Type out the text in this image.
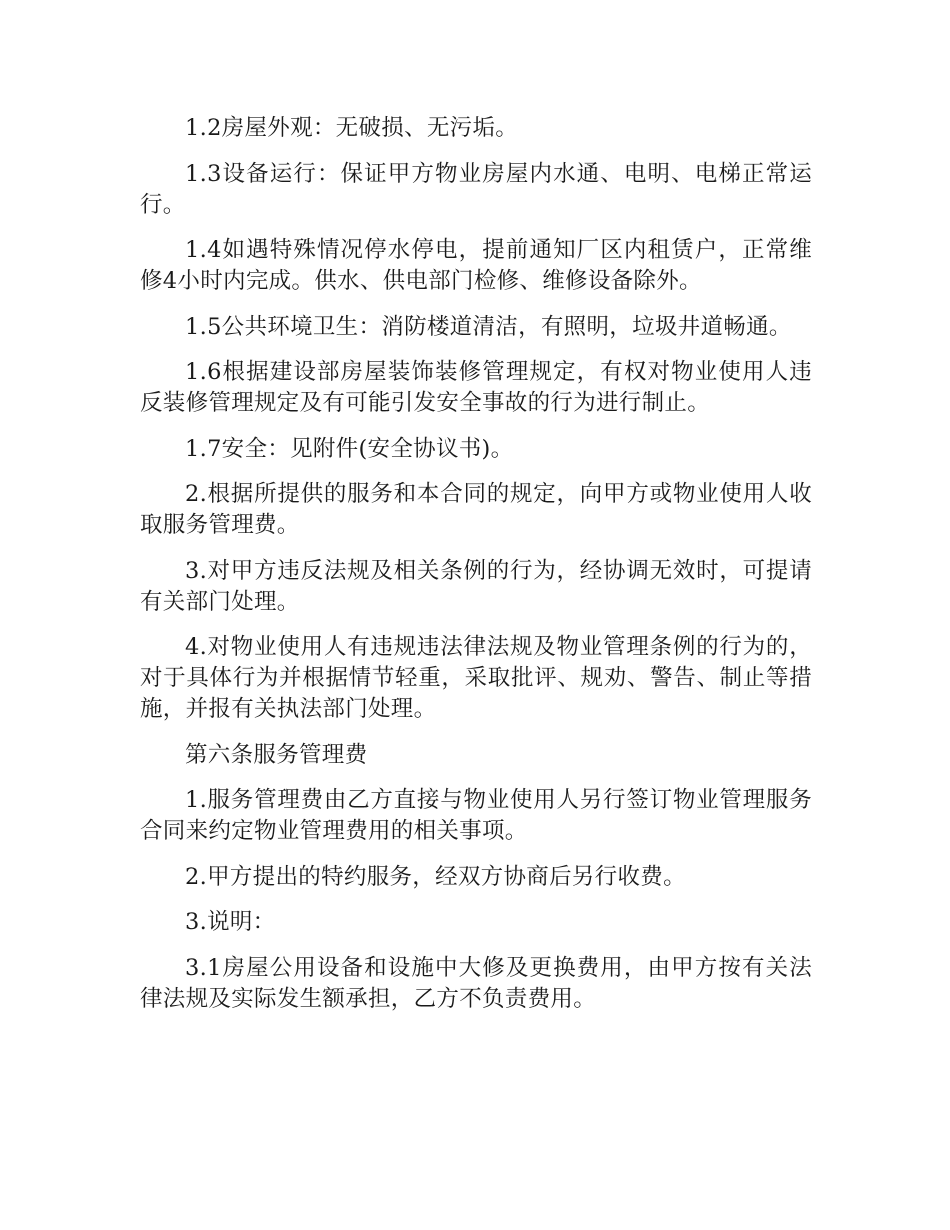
1.2房屋外观：无破损、无污垢。

1.3设备运行：保证甲方物业房屋内水通、电明、电梯正常运行。

1.4如遇特殊情况停水停电，提前通知厂区内租赁户，正常维修4小时内完成。供水、供电部门检修、维修设备除外。

1.5公共环境卫生：消防楼道清洁，有照明，垃圾井道畅通。

1.6根据建设部房屋装饰装修管理规定，有权对物业使用人违反装修管理规定及有可能引发安全事故的行为进行制止。

1.7安全：见附件(安全协议书)。

2.根据所提供的服务和本合同的规定，向甲方或物业使用人收取服务管理费。

3.对甲方违反法规及相关条例的行为，经协调无效时，可提请有关部门处理。

4.对物业使用人有违规违法律法规及物业管理条例的行为的，对于具体行为并根据情节轻重，采取批评、规劝、警告、制止等措施，并报有关执法部门处理。

第六条服务管理费

1.服务管理费由乙方直接与物业使用人另行签订物业管理服务合同来约定物业管理费用的相关事项。

2.甲方提出的特约服务，经双方协商后另行收费。

3.说明：

3.1房屋公用设备和设施中大修及更换费用，由甲方按有关法律法规及实际发生额承担，乙方不负责费用。
